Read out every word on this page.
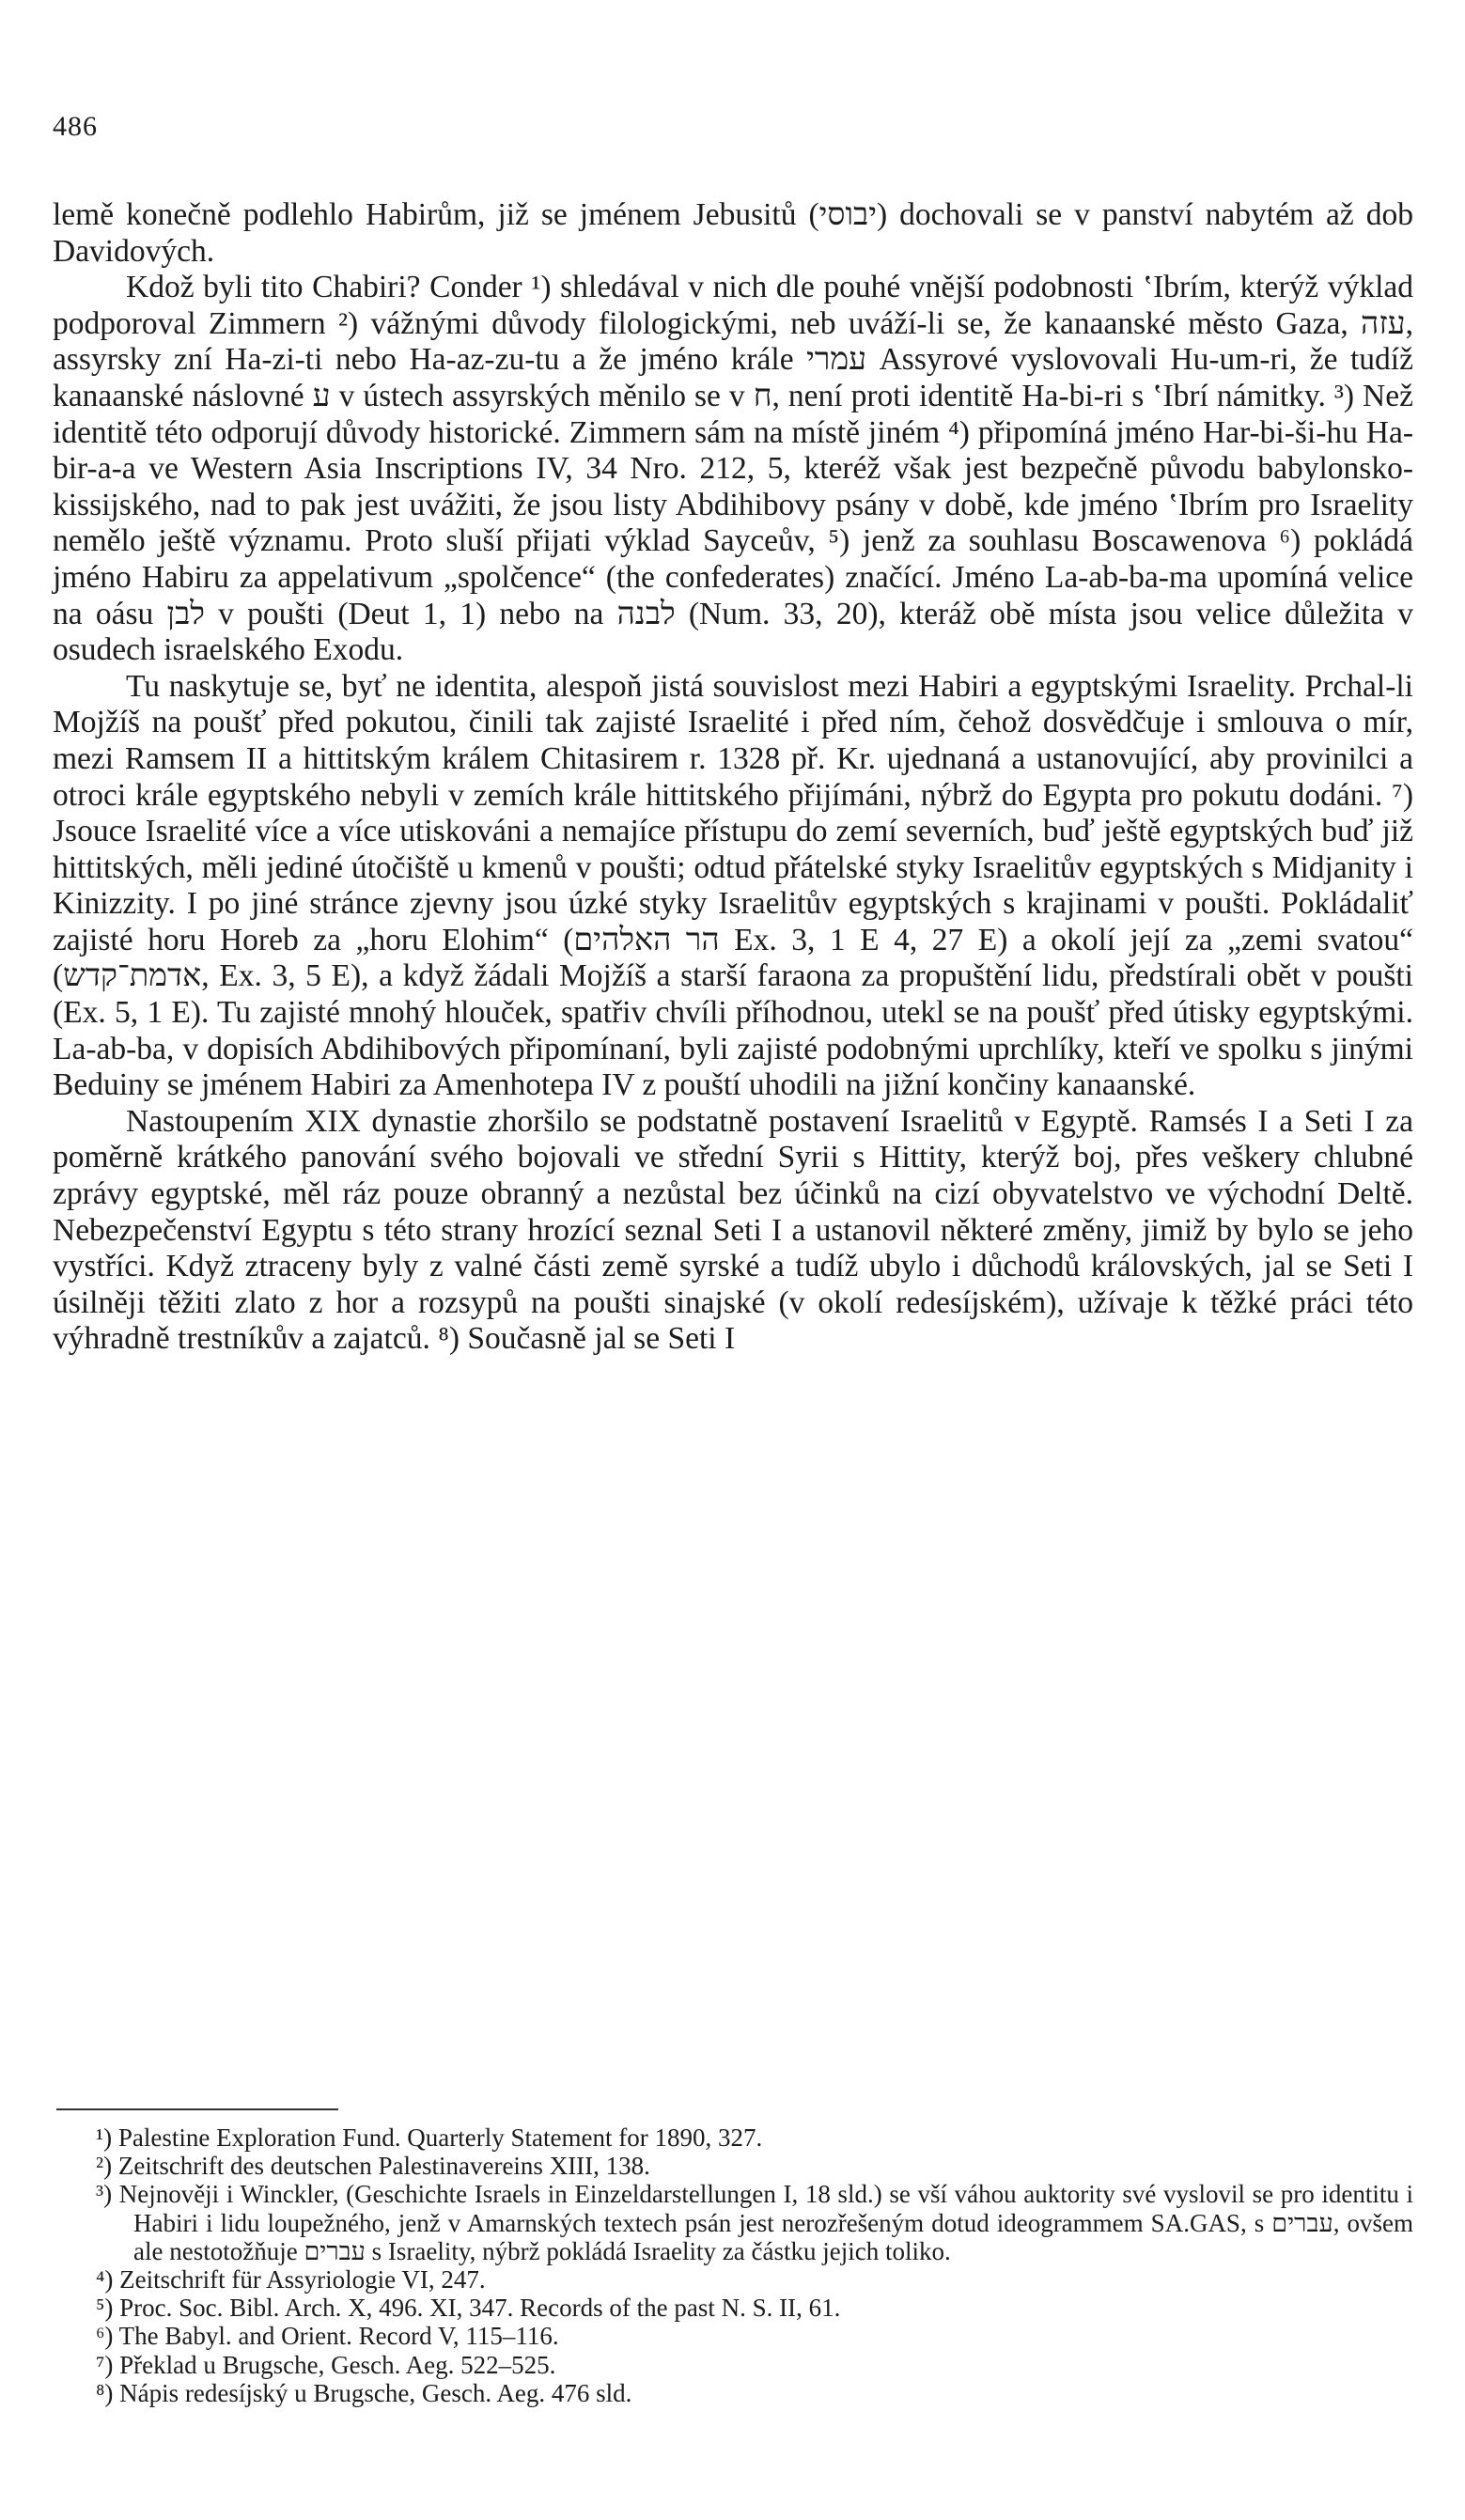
486

lemě konečně podlehlo Habirům, již se jménem Jebusitů (יבוסי) dochovali se v panství nabytém až dob Davidových.

Kdož byli tito Chabiri? Conder ¹) shledával v nich dle pouhé vnější podobnosti ʽIbrím, kterýž výklad podporoval Zimmern ²) vážnými důvody filologickými, neb uváží-li se, že kanaanské město Gaza, עזה, assyrsky zní Ha-zi-ti nebo Ha-az-zu-tu a že jméno krále עמרי Assyrové vyslovovali Hu-um-ri, že tudíž kanaanské náslovné ע v ústech assyrských měnilo se v ח, není proti identitě Ha-bi-ri s ʽIbrí námitky. ³) Než identitě této odporují důvody historické. Zimmern sám na místě jiném ⁴) připomíná jméno Har-bi-ši-hu Ha-bir-a-a ve Western Asia Inscriptions IV, 34 Nro. 212, 5, kteréž však jest bezpečně původu babylonsko-kissijského, nad to pak jest uvážiti, že jsou listy Abdihibovy psány v době, kde jméno ʽIbrím pro Israelity nemělo ještě významu. Proto sluší přijati výklad Sayceův, ⁵) jenž za souhlasu Boscawenova ⁶) pokládá jméno Habiru za appelativum „spolčence“ (the confederates) značící. Jméno La-ab-ba-ma upomíná velice na oásu לבן v poušti (Deut 1, 1) nebo na לבנה (Num. 33, 20), kteráž obě místa jsou velice důležita v osudech israelského Exodu.

Tu naskytuje se, byť ne identita, alespoň jistá souvislost mezi Habiri a egyptskými Israelity. Prchal-li Mojžíš na poušť před pokutou, činili tak zajisté Israelité i před ním, čehož dosvědčuje i smlouva o mír, mezi Ramsem II a hittitským králem Chitasirem r. 1328 př. Kr. ujednaná a ustanovující, aby provinilci a otroci krále egyptského nebyli v zemích krále hittitského přijímáni, nýbrž do Egypta pro pokutu dodáni. ⁷) Jsouce Israelité více a více utiskováni a nemajíce přístupu do zemí severních, buď ještě egyptských buď již hittitských, měli jediné útočiště u kmenů v poušti; odtud přátelské styky Israelitův egyptských s Midjanity i Kinizzity. I po jiné stránce zjevny jsou úzké styky Israelitův egyptských s krajinami v poušti. Pokládaliť zajisté horu Horeb za „horu Elohim“ (הר האלהים Ex. 3, 1 E 4, 27 E) a okolí její za „zemi svatou“ (אדמת־קדש, Ex. 3, 5 E), a když žádali Mojžíš a starší faraona za propuštění lidu, předstírali obět v poušti (Ex. 5, 1 E). Tu zajisté mnohý hlouček, spatřiv chvíli příhodnou, utekl se na poušť před útisky egyptskými. La-ab-ba, v dopisích Abdihibových připomínaní, byli zajisté podobnými uprchlíky, kteří ve spolku s jinými Beduiny se jménem Habiri za Amenhotepa IV z pouští uhodili na jižní končiny kanaanské.

Nastoupením XIX dynastie zhoršilo se podstatně postavení Israelitů v Egyptě. Ramsés I a Seti I za poměrně krátkého panování svého bojovali ve střední Syrii s Hittity, kterýž boj, přes veškery chlubné zprávy egyptské, měl ráz pouze obranný a nezůstal bez účinků na cizí obyvatelstvo ve východní Deltě. Nebezpečenství Egyptu s této strany hrozící seznal Seti I a ustanovil některé změny, jimiž by bylo se jeho vystříci. Když ztraceny byly z valné části země syrské a tudíž ubylo i důchodů královských, jal se Seti I úsilněji těžiti zlato z hor a rozsypů na poušti sinajské (v okolí redesíjském), užívaje k těžké práci této výhradně trestníkův a zajatců. ⁸) Současně jal se Seti I

¹) Palestine Exploration Fund. Quarterly Statement for 1890, 327.

²) Zeitschrift des deutschen Palestinavereins XIII, 138.

³) Nejnověji i Winckler, (Geschichte Israels in Einzeldarstellungen I, 18 sld.) se vší váhou auktority své vyslovil se pro identitu i Habiri i lidu loupežného, jenž v Amarnských textech psán jest nerozřešeným dotud ideogrammem SA.GAS, s עברים, ovšem ale nestotožňuje עברים s Israelity, nýbrž pokládá Israelity za částku jejich toliko.

⁴) Zeitschrift für Assyriologie VI, 247.

⁵) Proc. Soc. Bibl. Arch. X, 496. XI, 347. Records of the past N. S. II, 61.

⁶) The Babyl. and Orient. Record V, 115–116.

⁷) Překlad u Brugsche, Gesch. Aeg. 522–525.

⁸) Nápis redesíjský u Brugsche, Gesch. Aeg. 476 sld.
